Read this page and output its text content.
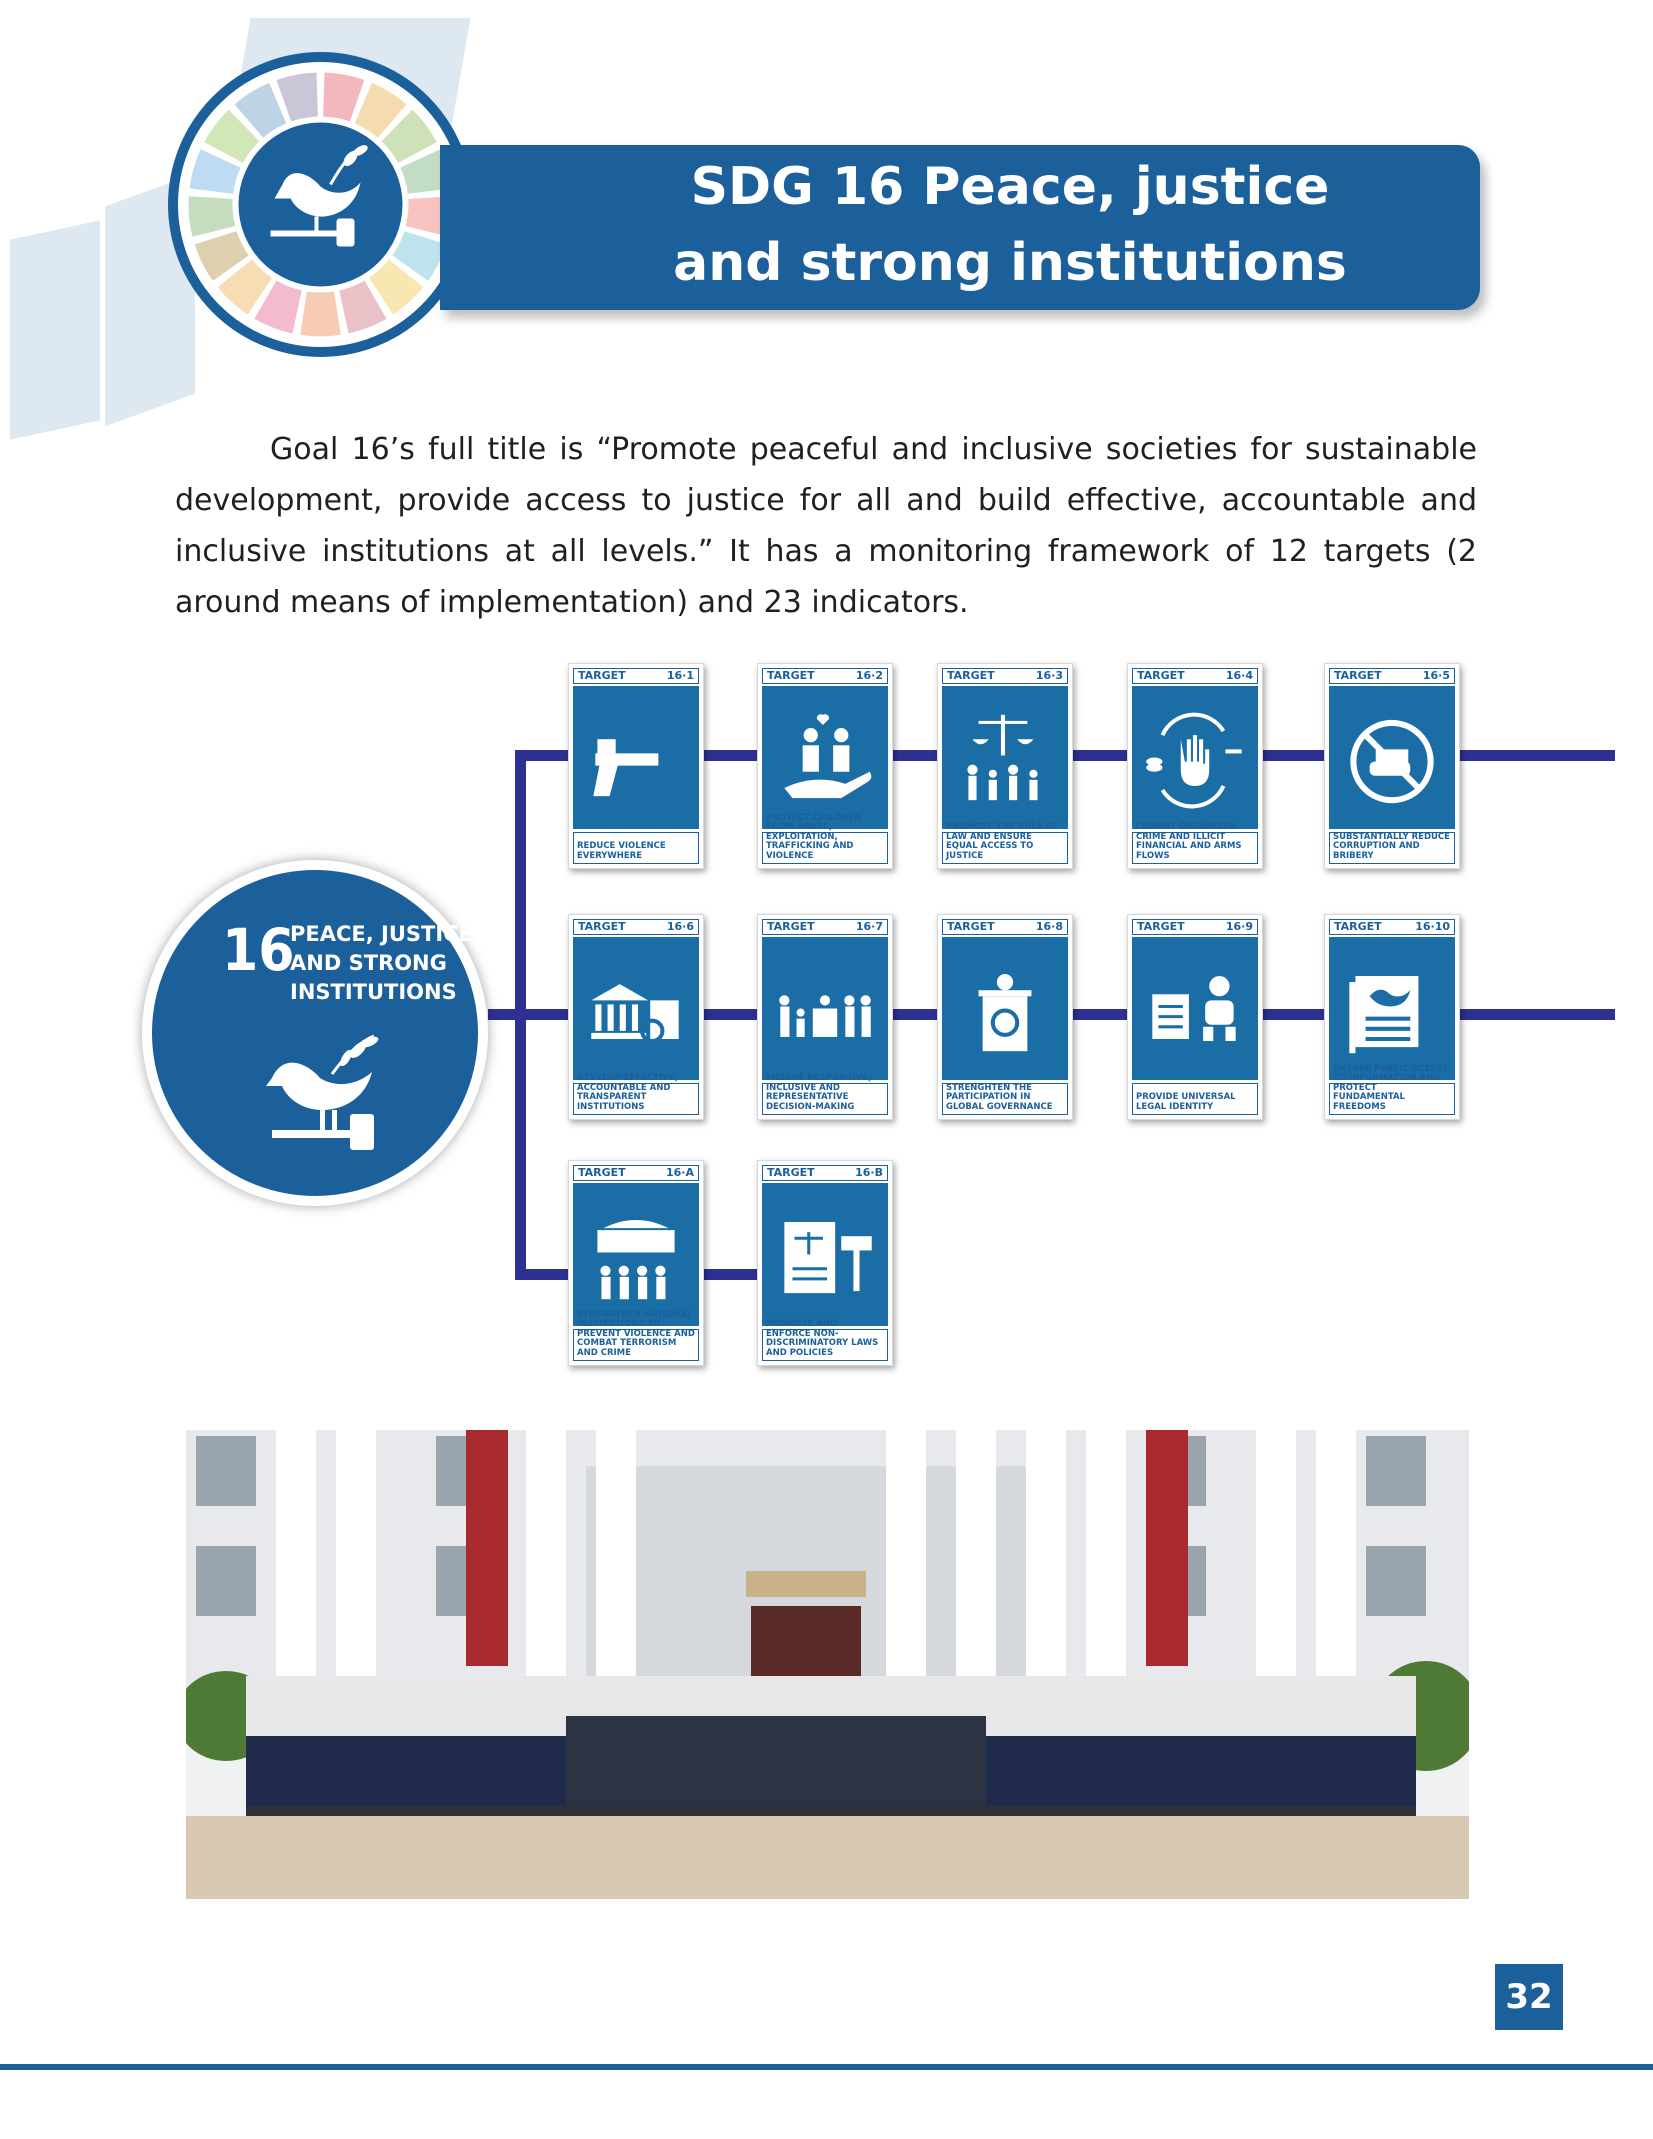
SDG 16 Peace, justice
and strong institutions

Goal 16’s full title is “Promote peaceful and inclusive societies for sustainable development, provide access to justice for all and build effective, accountable and inclusive institutions at all levels.” It has a monitoring framework of 12 targets (2 around means of implementation) and 23 indicators.

16
PEACE, JUSTICE
AND STRONG
INSTITUTIONS
TARGET	16·1
REDUCE VIOLENCE EVERYWHERE
TARGET	16·2
PROTECT CHILDREN FROM ABUSE, EXPLOITATION, TRAFFICKING AND VIOLENCE
TARGET	16·3
PROMOTE THE RULE OF LAW AND ENSURE EQUAL ACCESS TO JUSTICE
TARGET	16·4
COMBAT ORGANIZED CRIME AND ILLICIT FINANCIAL AND ARMS FLOWS
TARGET	16·5
SUBSTANTIALLY REDUCE CORRUPTION AND BRIBERY
TARGET	16·6
DEVELOP EFFECTIVE, ACCOUNTABLE AND TRANSPARENT INSTITUTIONS
TARGET	16·7
ENSURE RESPONSIVE, INCLUSIVE AND REPRESENTATIVE DECISION-MAKING
TARGET	16·8
STRENGHTEN THE PARTICIPATION IN GLOBAL GOVERNANCE
TARGET	16·9
PROVIDE UNIVERSAL LEGAL IDENTITY
TARGET	16·10
ENSURE PUBLIC ACCESS TO INFORMATION AND PROTECT FUNDAMENTAL FREEDOMS
TARGET	16·A
STRENGTHEN NATIONAL INSTITUTIONS TO PREVENT VIOLENCE AND COMBAT TERRORISM AND CRIME
TARGET	16·B
PROMOTE AND ENFORCE NON-DISCRIMINATORY LAWS AND POLICIES
32
